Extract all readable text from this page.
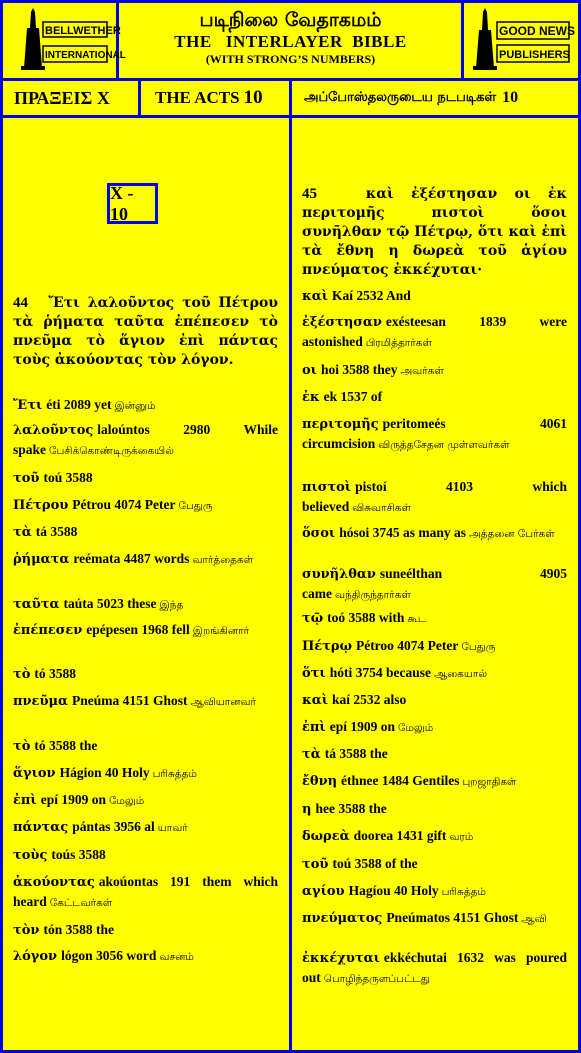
BELLWETHER
INTERNATIONAL
படிநிலை வேதாகமம்
THE   INTERLAYER  BIBLE
(WITH STRONG’S NUMBERS)
GOOD NEWS
PUBLISHERS
ΠΡΑΞΕΙΣ Χ	THE ACTS 10	அப்போஸ்தலருடைய நடபடிகள் 10
X - 10
44 Ἔτι λαλοῦντος τοῦ Πέτρου τὰ ῥήματα ταῦτα ἐπέπεσεν τὸ πνεῦμα τὸ ἅγιον ἐπὶ πάντας τοὺς ἀκούοντας τὸν λόγον.
45	καὶ ἐξέστησαν οι ἐκ περιτομῆς πιστοὶ ὅσοι συνῆλθαν τῷ Πέτρῳ, ὅτι καὶ ἐπὶ τὰ ἔθνη η δωρεὰ τοῦ ἁγίου πνεύματος ἐκκέχυται·
Ἔτι éti 2089 yet இன்னும்
λαλοῦντος laloúntos 2980 While spake பேசிக்கொண்டிருக்கையில்
τοῦ toú 3588
Πέτρου Pétrou 4074 Peter பேதுரு
τὰ tá 3588
ῥήματα reémata 4487 words வார்த்தைகள்
ταῦτα taúta 5023 these இந்த
ἐπέπεσεν epépesen 1968 fell இறங்கினார்
τὸ tó 3588
πνεῦμα Pneúma 4151 Ghost ஆவியானவர்
τὸ tó 3588 the
ἅγιον Hágion 40 Holy பரிசுத்தம்
ἐπὶ epí 1909 on மேலும்
πάντας pántas 3956 al யாவர்
τοὺς toús 3588
ἀκούοντας akoúontas 191 them which heard கேட்டவர்கள்
τὸν tón 3588 the
λόγον lógon 3056 word வசனம்
καὶ Kaí 2532 And
ἐξέστησαν exésteesan 1839 were astonished பிரமித்தார்கள்
οι hoi 3588 they அவர்கள்
ἐκ ek 1537 of
περιτομῆς peritomeés 4061 circumcision விருத்தசேதன முள்ளவர்கள்
πιστοὶ pistoí 4103 which believed விசுவாசிகள்
ὅσοι hósoi 3745 as many as அத்தனை பேர்கள்
συνῆλθαν suneélthan 4905 came வந்திருந்தார்கள்
τῷ toó 3588 with கூட
Πέτρῳ Pétroo 4074 Peter பேதுரு
ὅτι hóti 3754 because ஆகையால்
καὶ kaí 2532 also
ἐπὶ epí 1909 on மேலும்
τὰ tá 3588 the
ἔθνη éthnee 1484 Gentiles புறஜாதிகள்
η hee 3588 the
δωρεὰ doorea 1431 gift வரம்
τοῦ toú 3588 of the
αγίου Hagíou 40 Holy பரிசுத்தம்
πνεύματος Pneúmatos 4151 Ghost ஆவி
ἐκκέχυται ekkéchutai 1632 was poured out பொழிந்தருளப்பட்டது
